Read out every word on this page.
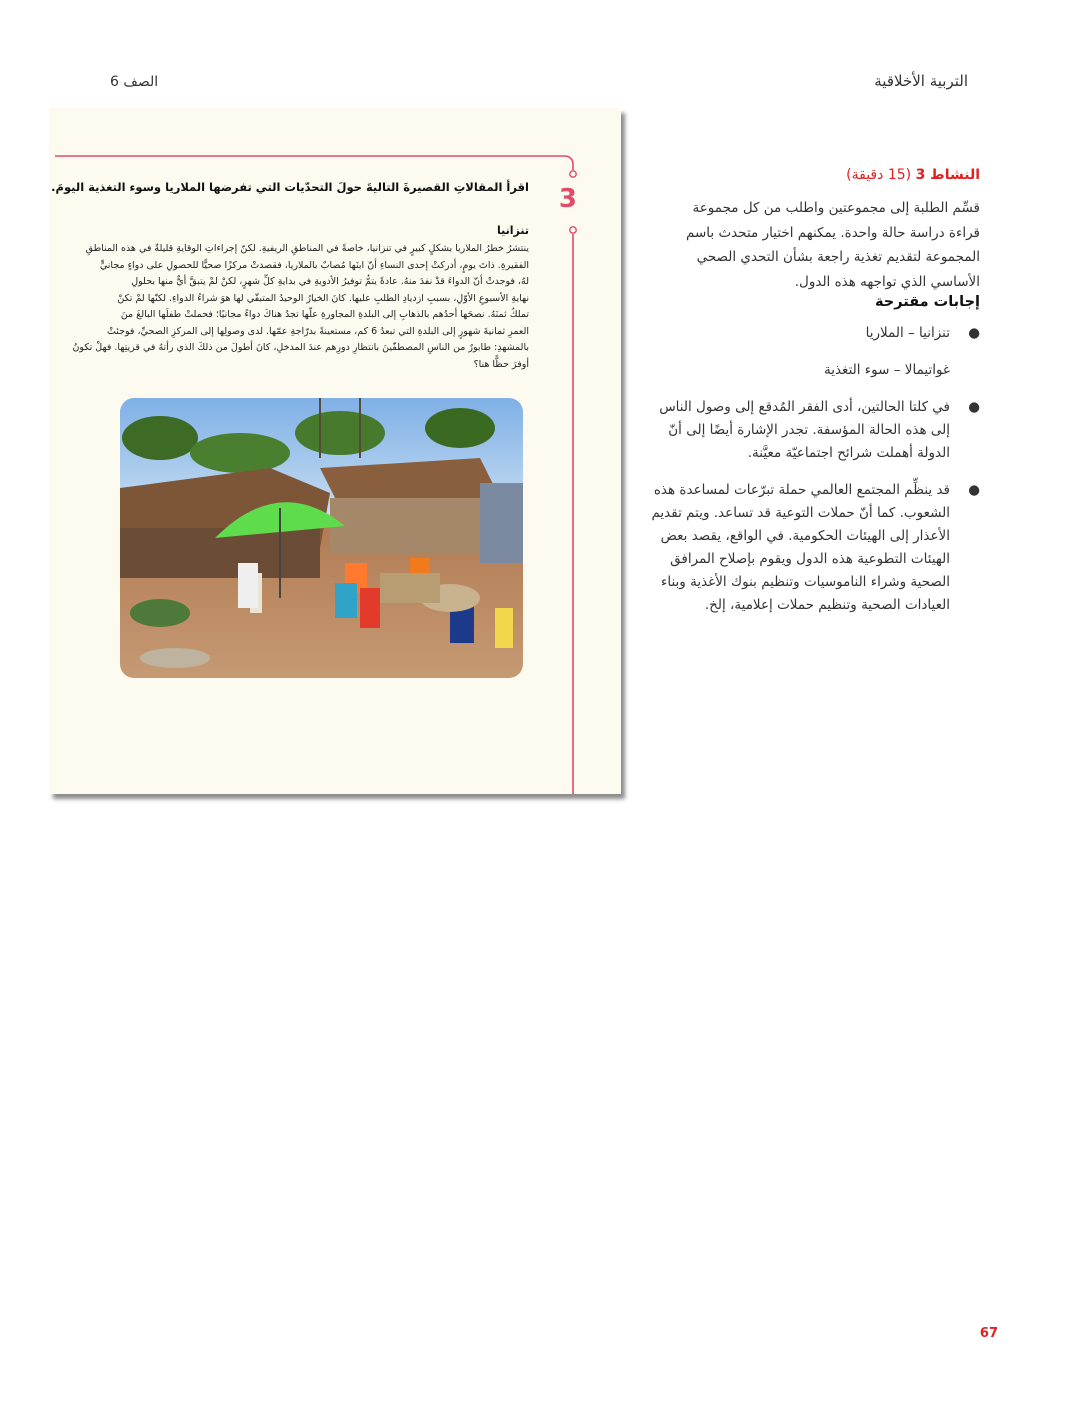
التربية الأخلاقية
الصف 6
3
اقرأ المقالاتِ القصيرةَ التاليةَ حولَ التحدّيات التي تفرضها الملاريا وسوء التغذية اليومَ.
تنزانيا
ينتشرُ خطرُ الملاريا بشكلٍ كبيرٍ في تنزانيا، خاصةً في المناطقِ الريفيةِ. لكنّ إجراءاتِ الوقايةِ قليلةٌ في هذه المناطقِ
الفقيرةِ. ذاتَ يومٍ، أدركتْ إحدى النساءِ أنّ ابنَها مُصابٌ بالملاريا، فقصدتْ مركزًا صحيًّا للحصولِ على دواءٍ مجانيٍّ
لهُ، فوجدتْ أنّ الدواءَ قدْ نفدَ منهُ. عادةً يتمُّ توفيرُ الأدويةِ في بدايةِ كلِّ شهرٍ، لكنْ لمْ يتبقَّ أيٌّ منها بحلولِ
نهايةِ الأسبوعِ الأوّلِ، بسببِ ازديادِ الطلبِ عليها. كانَ الخيارُ الوحيدُ المتبقّي لها هوَ شراءُ الدواءِ. لكنّها لمْ تكنْ
تملكُ ثمنَهُ. نصحَها أحدُهم بالذهابِ إلى البلدةِ المجاورةِ علّها تجدُ هناكَ دواءً مجانيًا؛ فحملتْ طفلَها البالغَ منَ
العمرِ ثمانيةَ شهورٍ إلى البلدةِ التي تبعدُ 6 كم، مستعينةً بدرّاجةِ عمّها. لدى وصولِها إلى المركزِ الصحيِّ، فوجئتْ
بالمشهدِ: طابورٌ من الناسِ المصطفّينَ بانتظارِ دورِهم عندَ المدخلِ، كانَ أطولَ من ذلكَ الذي رأتهُ في قريتِها. فهلْ تكونُ
أوفرَ حظًّا هنا؟
النشاط 3 (15 دقيقة)
قسِّم الطلبة إلى مجموعتين واطلب من كل مجموعة قراءة دراسة حالة واحدة. يمكنهم اختيار متحدث باسم المجموعة لتقديم تغذية راجعة بشأن التحدي الصحي الأساسي الذي تواجهه هذه الدول.
إجابات مقترحة
●
تنزانيا – الملاريا
غواتيمالا – سوء التغذية
●
في كلتا الحالتين، أدى الفقر المُدقع إلى وصول الناس إلى هذه الحالة المؤسفة. تجدر الإشارة أيضًا إلى أنّ الدولة أهملت شرائح اجتماعيّة معيَّنة.
●
قد ينظِّم المجتمع العالمي حملة تبرّعات لمساعدة هذه الشعوب. كما أنّ حملات التوعية قد تساعد. ويتم تقديم الأعذار إلى الهيئات الحكومية. في الواقع، يقصد بعض الهيئات التطوعية هذه الدول ويقوم بإصلاح المرافق الصحية وشراء الناموسيات وتنظيم بنوك الأغذية وبناء العيادات الصحية وتنظيم حملات إعلامية، إلخ.
67
